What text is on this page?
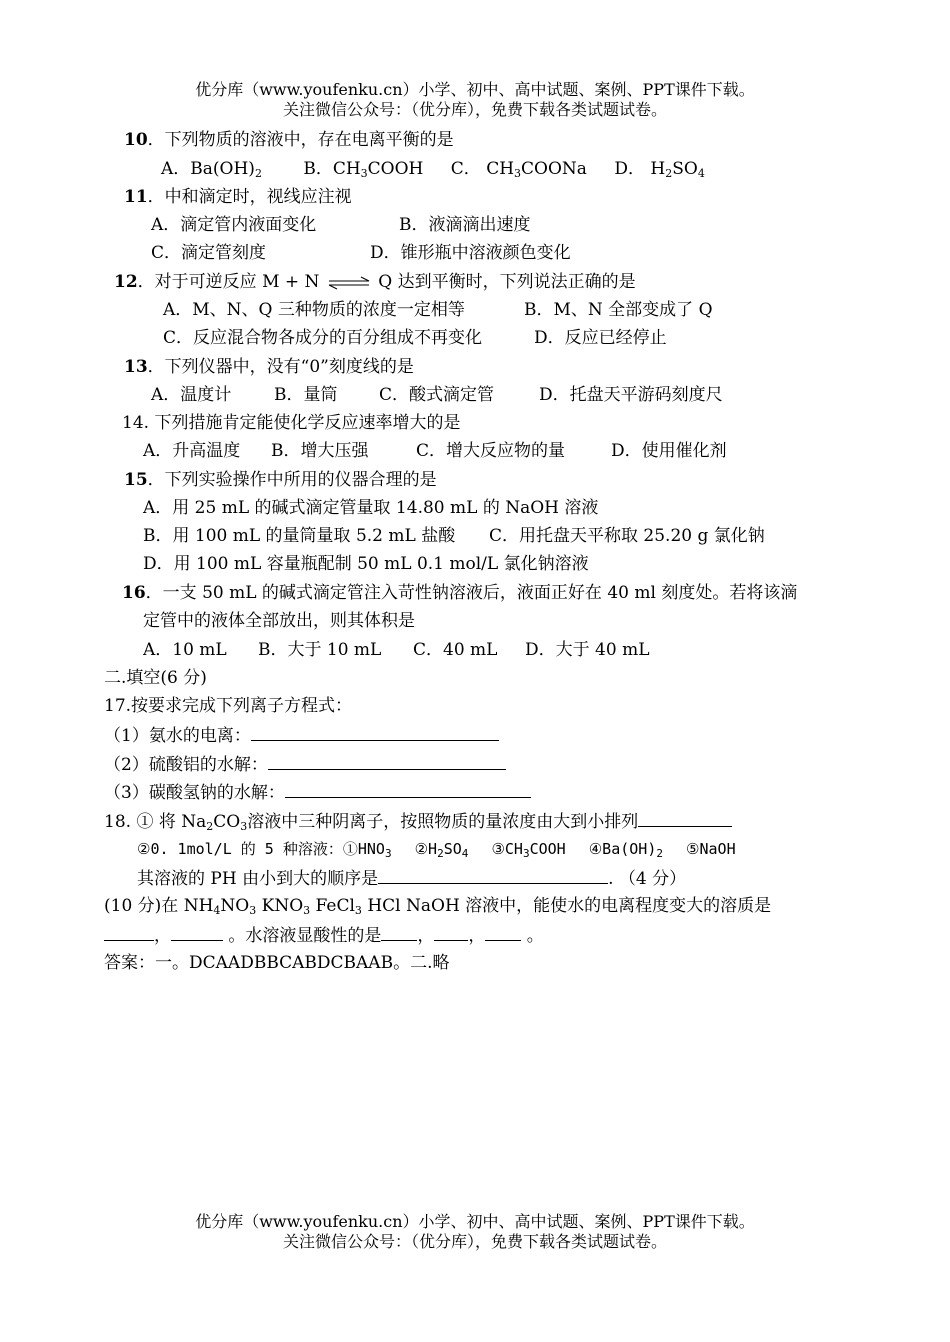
优分库（www.youfenku.cn）小学、初中、高中试题、案例、PPT课件下载。
关注微信公众号：（优分库），免费下载各类试题试卷。
10．下列物质的溶液中，存在电离平衡的是
A．$Ba(OH)_2$ B．$CH_3COOH$ C． $CH_3COONa$ D． $H_2SO_4$
11．中和滴定时，视线应注视
A．滴定管内液面变化	B．液滴滴出速度
C．滴定管刻度	D．锥形瓶中溶液颜色变化
12．对于可逆反应 M + N ⇌ Q 达到平衡时，下列说法正确的是
A．M、N、Q 三种物质的浓度一定相等	B．M、N 全部变成了 Q
C．反应混合物各成分的百分组成不再变化	D．反应已经停止
13．下列仪器中，没有“0”刻度线的是
A．温度计	B．量筒 C．酸式滴定管	D．托盘天平游码刻度尺
14. 下列措施肯定能使化学反应速率增大的是
A．升高温度 B．增大压强	C．增大反应物的量	D．使用催化剂
15．下列实验操作中所用的仪器合理的是
A．用 25 mL 的碱式滴定管量取 14.80 mL 的 NaOH 溶液
B．用 100 mL 的量筒量取 5.2 mL 盐酸 C．用托盘天平称取 25.20 g 氯化钠
D．用 100 mL 容量瓶配制 50 mL 0.1 mol/L 氯化钠溶液
16．一支 50 mL 的碱式滴定管注入苛性钠溶液后，液面正好在 40 ml 刻度处。若将该滴
定管中的液体全部放出，则其体积是
A．10 mL B．大于 10 mL C．40 mL D．大于 40 mL
二.填空(6 分)
17.按要求完成下列离子方程式：
（1）氨水的电离：
（2）硫酸铝的水解：
（3）碳酸氢钠的水解：
18. ① 将 $Na_2CO_3$溶液中三种阴离子，按照物质的量浓度由大到小排列
②0. 1mol/L 的 5 种溶液：$①HNO_3$ $②H_2SO_4$ $③CH_3COOH$ $④Ba(OH)_2$ ⑤NaOH
其溶液的 PH 由小到大的顺序是	. （4 分）
(10 分)在 $NH_4NO_3$ $KNO_3$ FeCl$_3$ HCl NaOH 溶液中，能使水的电离程度变大的溶质是
，	。水溶液显酸性的是 ， ， 。
答案：一。DCAADBBCABDCBAAB。二.略
优分库（www.youfenku.cn）小学、初中、高中试题、案例、PPT课件下载。
关注微信公众号：（优分库），免费下载各类试题试卷。
